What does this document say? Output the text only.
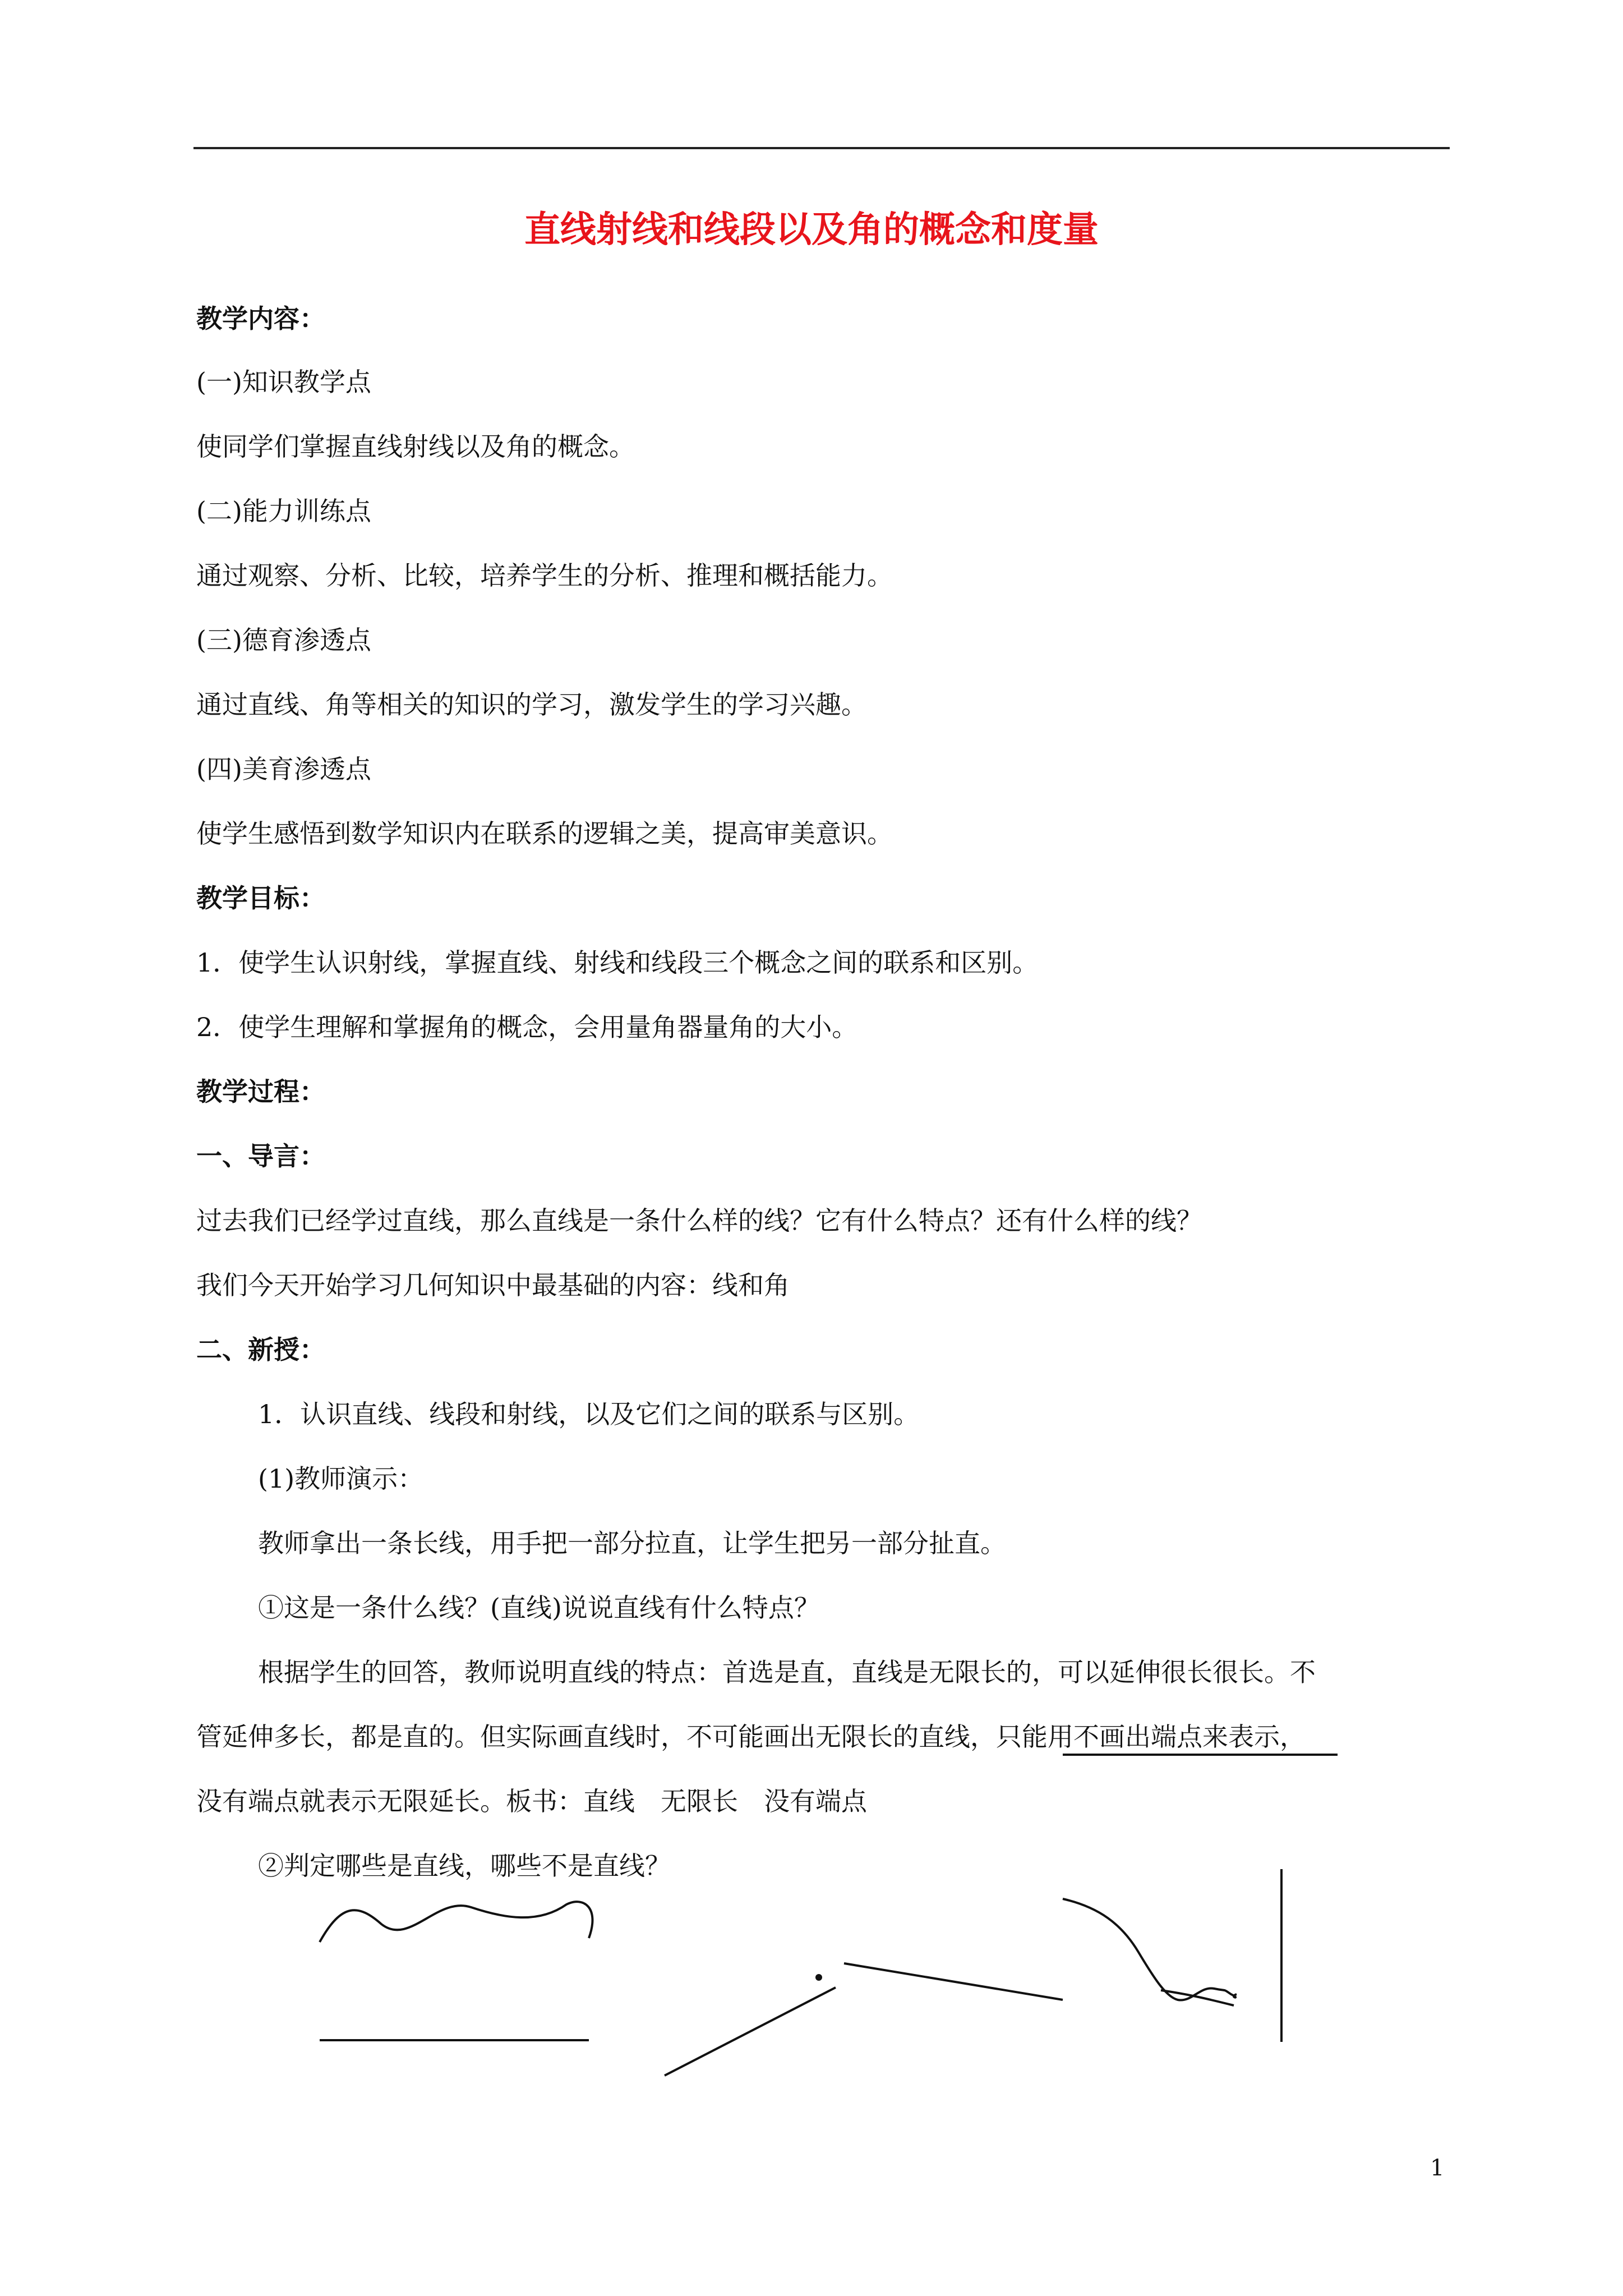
直线射线和线段以及角的概念和度量
教学内容：
(一)知识教学点
使同学们掌握直线射线以及角的概念。
(二)能力训练点
通过观察、分析、比较，培养学生的分析、推理和概括能力。
(三)德育渗透点
通过直线、角等相关的知识的学习，激发学生的学习兴趣。
(四)美育渗透点
使学生感悟到数学知识内在联系的逻辑之美，提高审美意识。
教学目标：
1．使学生认识射线，掌握直线、射线和线段三个概念之间的联系和区别。
2．使学生理解和掌握角的概念，会用量角器量角的大小。
教学过程：
一、导言：
过去我们已经学过直线，那么直线是一条什么样的线？它有什么特点？还有什么样的线？
我们今天开始学习几何知识中最基础的内容：线和角
二、新授：
1．认识直线、线段和射线，以及它们之间的联系与区别。
(1)教师演示：
教师拿出一条长线，用手把一部分拉直，让学生把另一部分扯直。
①这是一条什么线？(直线)说说直线有什么特点？
根据学生的回答，教师说明直线的特点：首选是直，直线是无限长的，可以延伸很长很长。不
管延伸多长，都是直的。但实际画直线时，不可能画出无限长的直线，只能用不画出端点来表示，
没有端点就表示无限延长。板书：直线　无限长　没有端点
②判定哪些是直线，哪些不是直线？
1
